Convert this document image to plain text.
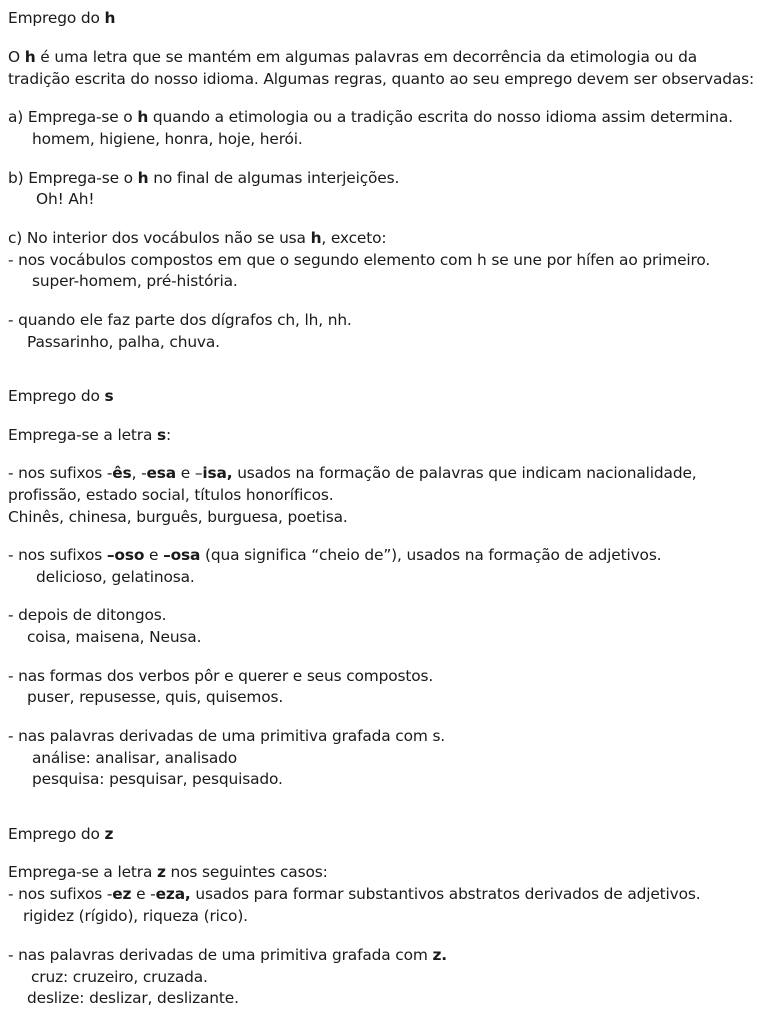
Emprego do h
O h é uma letra que se mantém em algumas palavras em decorrência da etimologia ou da
tradição escrita do nosso idioma. Algumas regras, quanto ao seu emprego devem ser observadas:
a) Emprega-se o h quando a etimologia ou a tradição escrita do nosso idioma assim determina.
homem, higiene, honra, hoje, herói.
b) Emprega-se o h no final de algumas interjeições.
Oh! Ah!
c) No interior dos vocábulos não se usa h, exceto:
- nos vocábulos compostos em que o segundo elemento com h se une por hífen ao primeiro.
super-homem, pré-história.
- quando ele faz parte dos dígrafos ch, lh, nh.
Passarinho, palha, chuva.
Emprego do s
Emprega-se a letra s:
- nos sufixos -ês, -esa e –isa, usados na formação de palavras que indicam nacionalidade,
profissão, estado social, títulos honoríficos.
Chinês, chinesa, burguês, burguesa, poetisa.
- nos sufixos –oso e –osa (qua significa “cheio de”), usados na formação de adjetivos.
delicioso, gelatinosa.
- depois de ditongos.
coisa, maisena, Neusa.
- nas formas dos verbos pôr e querer e seus compostos.
puser, repusesse, quis, quisemos.
- nas palavras derivadas de uma primitiva grafada com s.
análise: analisar, analisado
pesquisa: pesquisar, pesquisado.
Emprego do z
Emprega-se a letra z nos seguintes casos:
- nos sufixos -ez e -eza, usados para formar substantivos abstratos derivados de adjetivos.
rigidez (rígido), riqueza (rico).
- nas palavras derivadas de uma primitiva grafada com z.
cruz: cruzeiro, cruzada.
deslize: deslizar, deslizante.
